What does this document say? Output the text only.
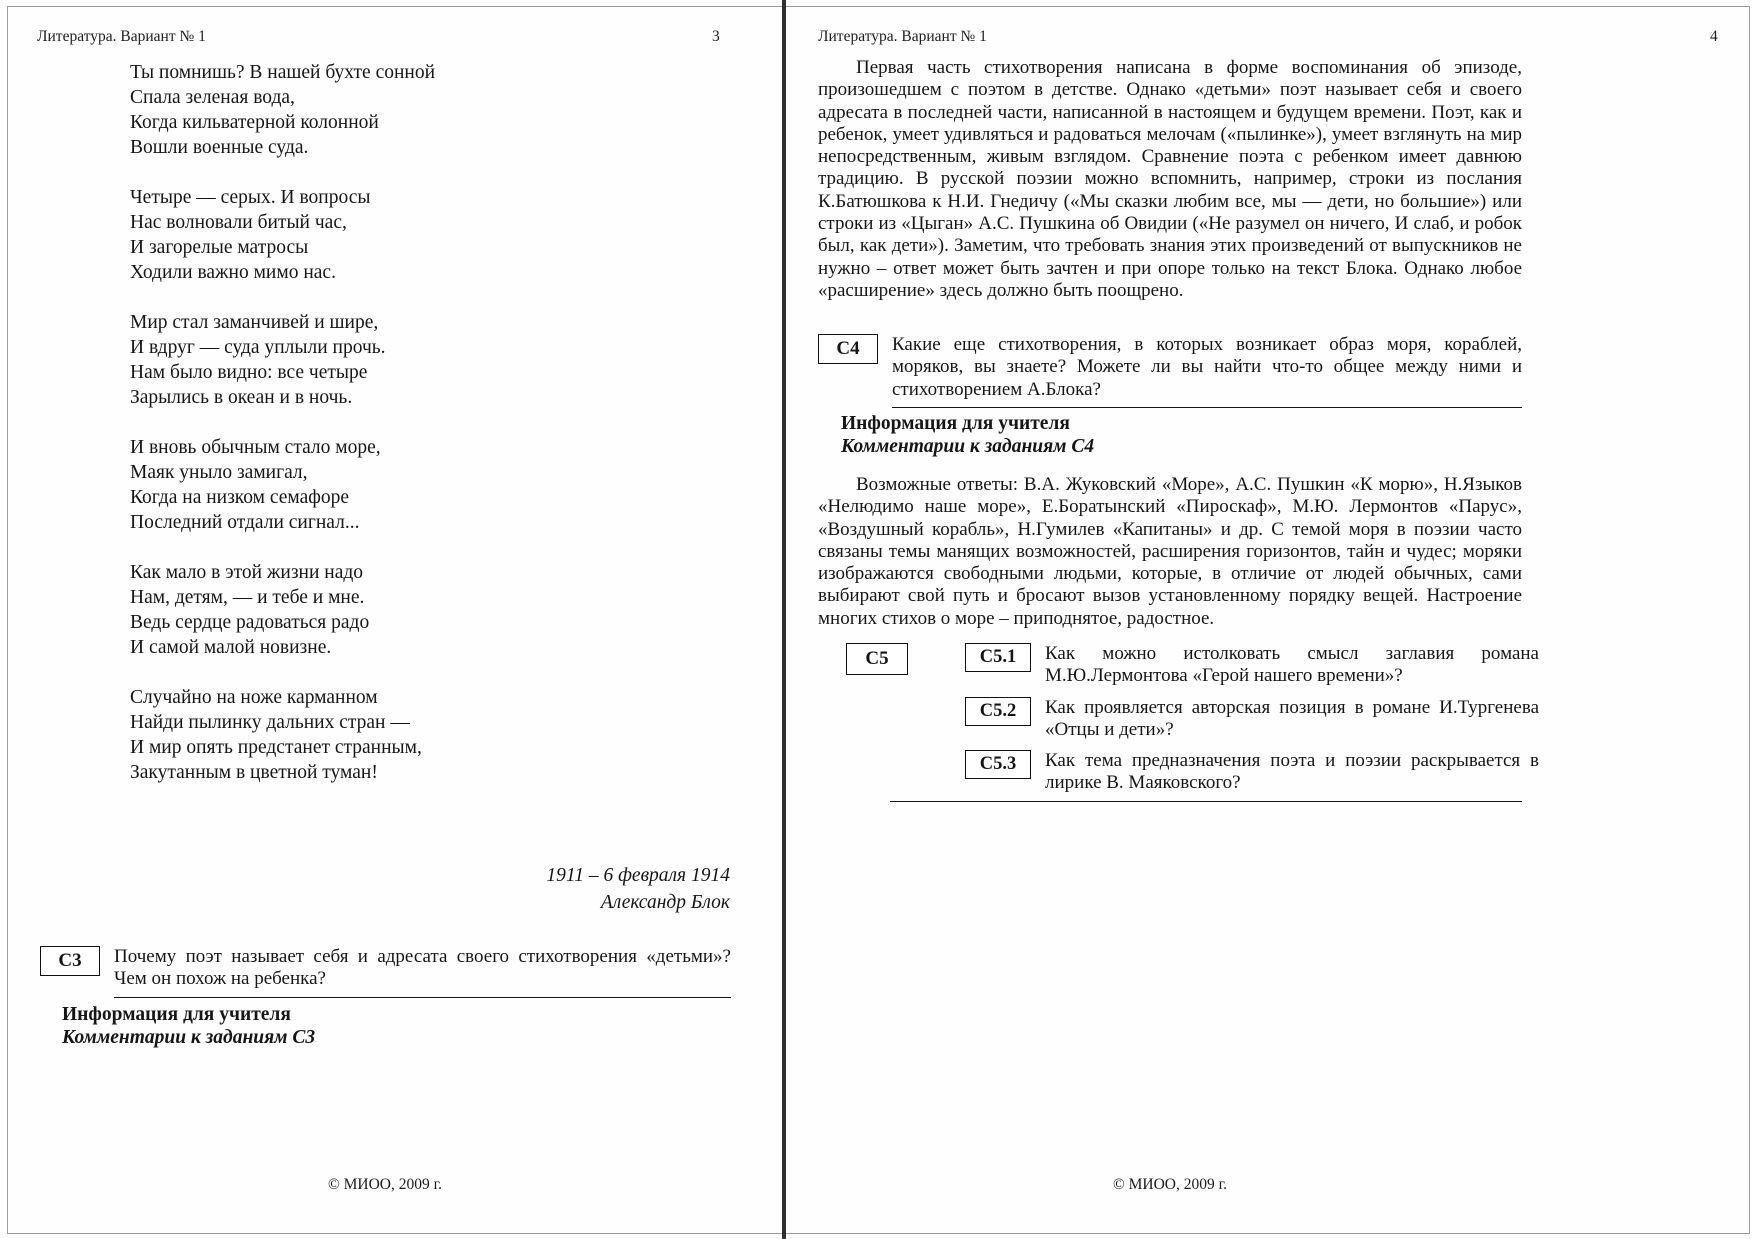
Литература. Вариант № 1	3
Ты помнишь? В нашей бухте сонной
Спала зеленая вода,
Когда кильватерной колонной
Вошли военные суда.
Четыре — серых. И вопросы
Нас волновали битый час,
И загорелые матросы
Ходили важно мимо нас.
Мир стал заманчивей и шире,
И вдруг — суда уплыли прочь.
Нам было видно: все четыре
Зарылись в океан и в ночь.
И вновь обычным стало море,
Маяк уныло замигал,
Когда на низком семафоре
Последний отдали сигнал...
Как мало в этой жизни надо
Нам, детям, — и тебе и мне.
Ведь сердце радоваться радо
И самой малой новизне.
Случайно на ноже карманном
Найди пылинку дальних стран —
И мир опять предстанет странным,
Закутанным в цветной туман!
1911 – 6 февраля 1914
Александр Блок
С3	Почему поэт называет себя и адресата своего стихотворения «детьми»? Чем он похож на ребенка?
Информация для учителя
Комментарии к заданиям С3
© МИОО, 2009 г.
Литература. Вариант № 1	4
Первая часть стихотворения написана в форме воспоминания об эпизоде, произошедшем с поэтом в детстве. Однако «детьми» поэт называет себя и своего адресата в последней части, написанной в настоящем и будущем времени. Поэт, как и ребенок, умеет удивляться и радоваться мелочам («пылинке»), умеет взглянуть на мир непосредственным, живым взглядом. Сравнение поэта с ребенком имеет давнюю традицию. В русской поэзии можно вспомнить, например, строки из послания К.Батюшкова к Н.И. Гнедичу («Мы сказки любим все, мы — дети, но большие») или строки из «Цыган» А.С. Пушкина об Овидии («Не разумел он ничего, И слаб, и робок был, как дети»). Заметим, что требовать знания этих произведений от выпускников не нужно – ответ может быть зачтен и при опоре только на текст Блока. Однако любое «расширение» здесь должно быть поощрено.
С4	Какие еще стихотворения, в которых возникает образ моря, кораблей, моряков, вы знаете? Можете ли вы найти что-то общее между ними и стихотворением А.Блока?
Информация для учителя
Комментарии к заданиям С4
Возможные ответы: В.А. Жуковский «Море», А.С. Пушкин «К морю», Н.Языков «Нелюдимо наше море», Е.Боратынский «Пироскаф», М.Ю. Лермонтов «Парус», «Воздушный корабль», Н.Гумилев «Капитаны» и др. С темой моря в поэзии часто связаны темы манящих возможностей, расширения горизонтов, тайн и чудес; моряки изображаются свободными людьми, которые, в отличие от людей обычных, сами выбирают свой путь и бросают вызов установленному порядку вещей. Настроение многих стихов о море – приподнятое, радостное.
С5	С5.1	Как можно истолковать смысл заглавия романа М.Ю.Лермонтова «Герой нашего времени»?
С5.2	Как проявляется авторская позиция в романе И.Тургенева «Отцы и дети»?
С5.3	Как тема предназначения поэта и поэзии раскрывается в лирике В. Маяковского?
© МИОО, 2009 г.
